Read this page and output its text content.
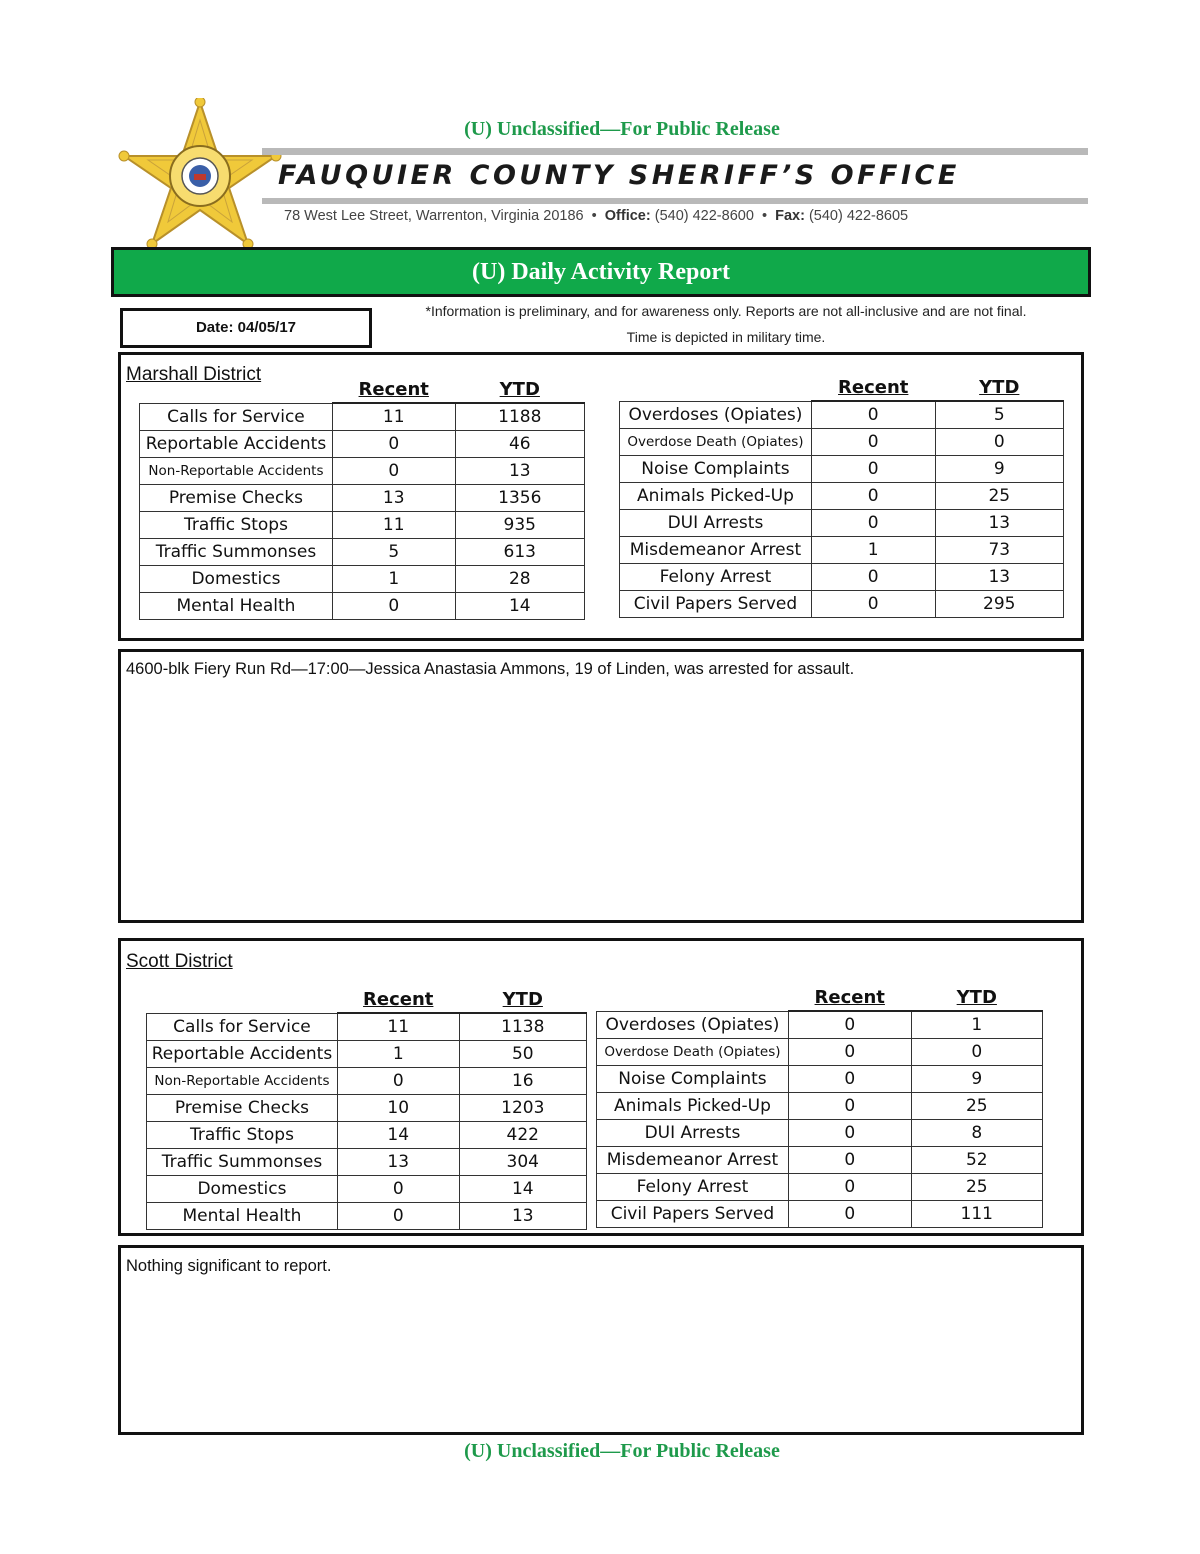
(U) Unclassified—For Public Release
FAUQUIER COUNTY SHERIFF’S OFFICE
78 West Lee Street, Warrenton, Virginia 20186  •  Office: (540) 422-8600  •  Fax: (540) 422-8605
(U) Daily Activity Report
Date: 04/05/17
*Information is preliminary, and for awareness only. Reports are not all-inclusive and are not final.
Time is depicted in military time.
Marshall District
	Recent	YTD
Calls for Service	11	1188
Reportable Accidents	0	46
Non-Reportable Accidents	0	13
Premise Checks	13	1356
Traffic Stops	11	935
Traffic Summonses	5	613
Domestics	1	28
Mental Health	0	14
	Recent	YTD
Overdoses (Opiates)	0	5
Overdose Death (Opiates)	0	0
Noise Complaints	0	9
Animals Picked-Up	0	25
DUI Arrests	0	13
Misdemeanor Arrest	1	73
Felony Arrest	0	13
Civil Papers Served	0	295
4600-blk Fiery Run Rd—17:00—Jessica Anastasia Ammons, 19 of Linden, was arrested for assault.
Scott District
	Recent	YTD
Calls for Service	11	1138
Reportable Accidents	1	50
Non-Reportable Accidents	0	16
Premise Checks	10	1203
Traffic Stops	14	422
Traffic Summonses	13	304
Domestics	0	14
Mental Health	0	13
	Recent	YTD
Overdoses (Opiates)	0	1
Overdose Death (Opiates)	0	0
Noise Complaints	0	9
Animals Picked-Up	0	25
DUI Arrests	0	8
Misdemeanor Arrest	0	52
Felony Arrest	0	25
Civil Papers Served	0	111
Nothing significant to report.
(U) Unclassified—For Public Release
